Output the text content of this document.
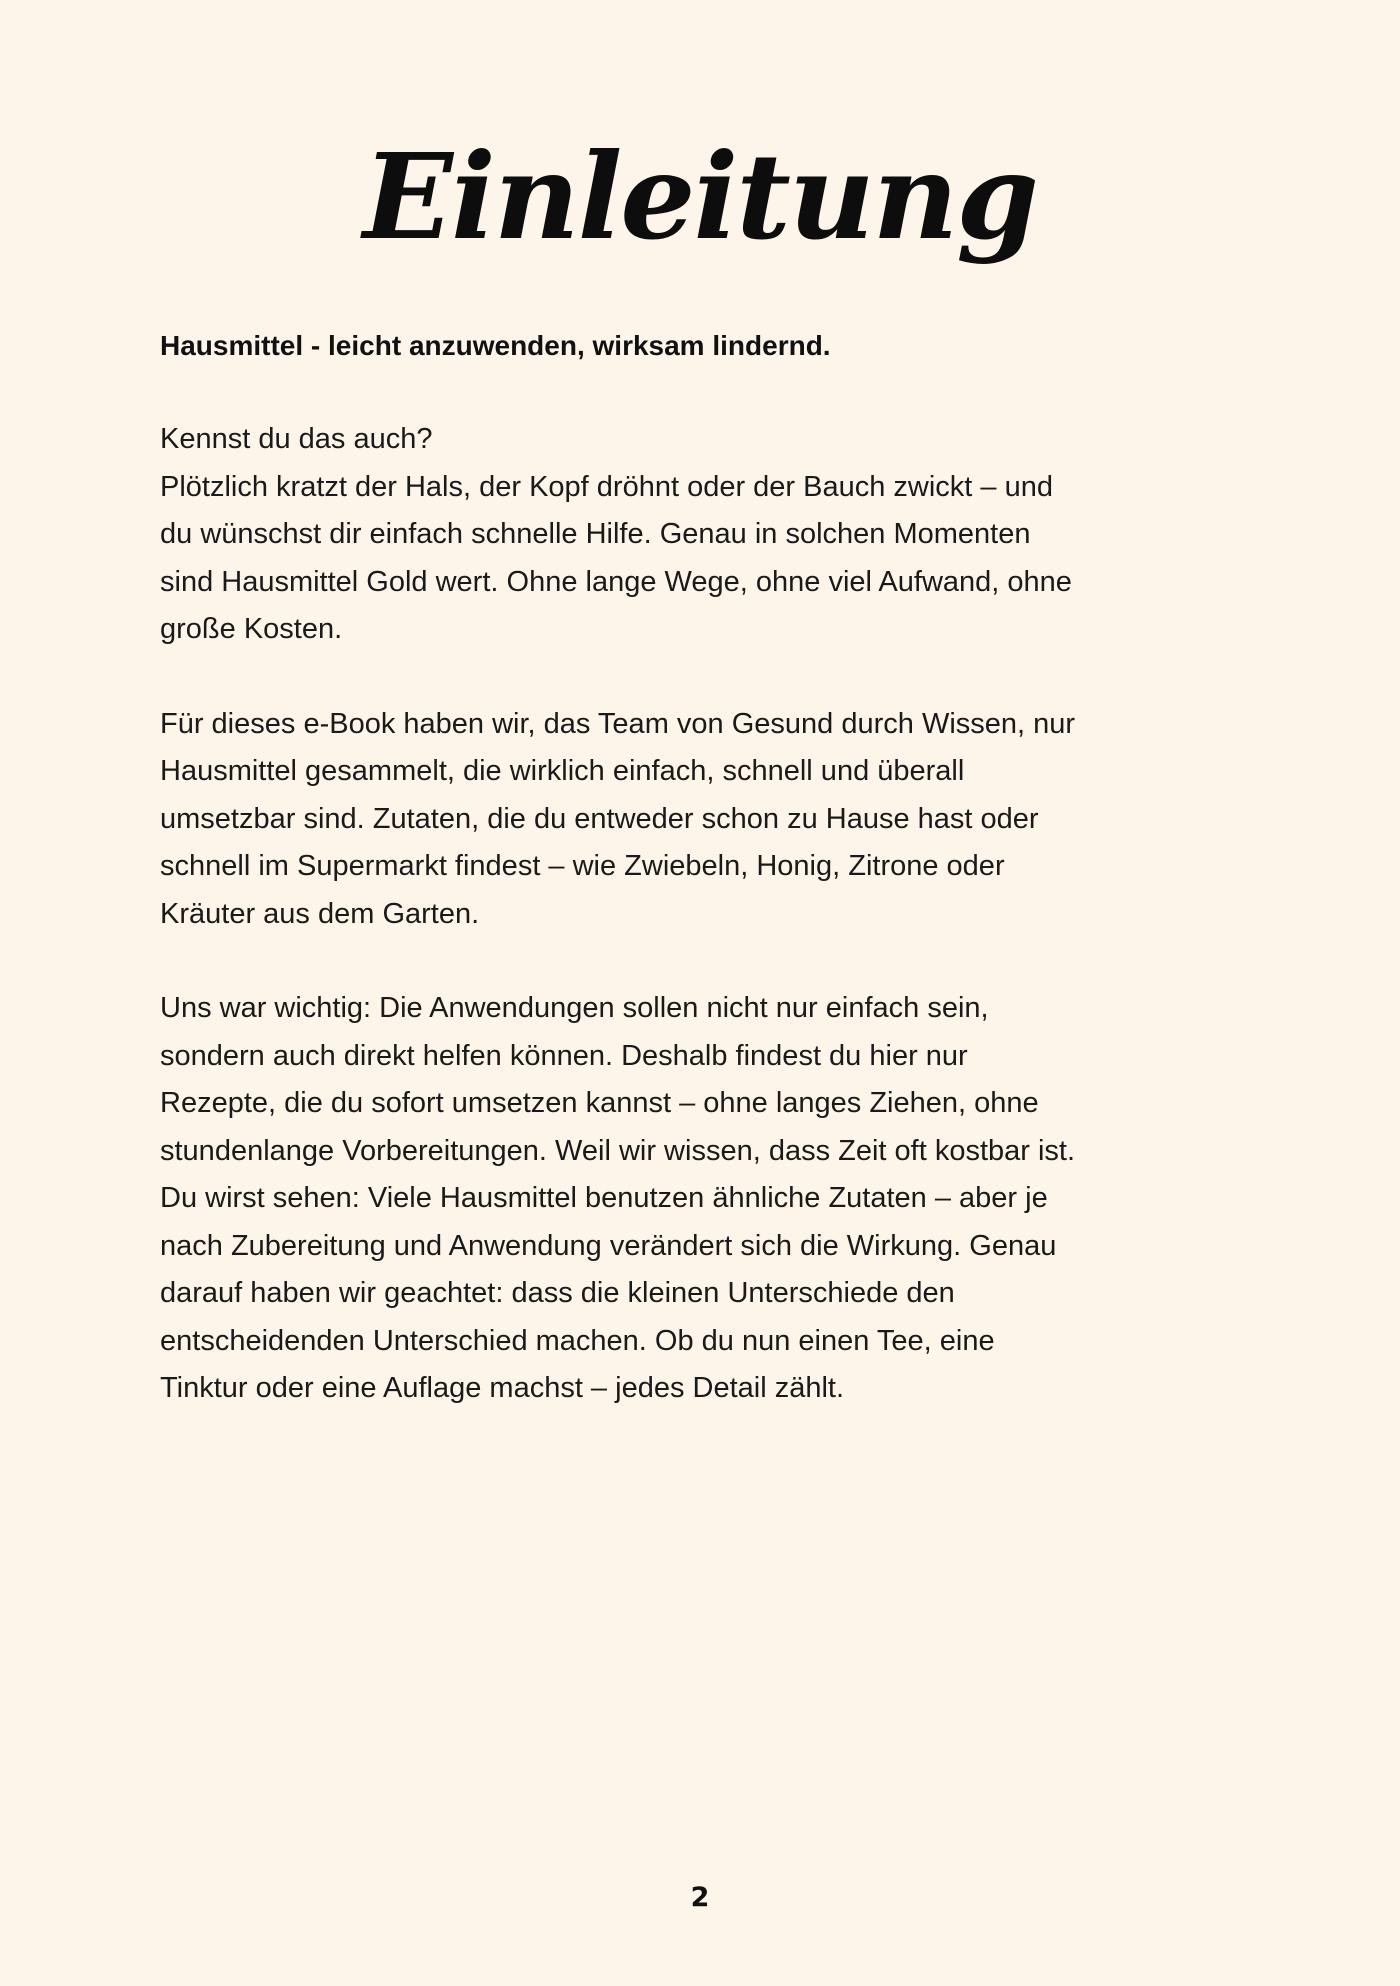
Einleitung

Hausmittel - leicht anzuwenden, wirksam lindernd.

Kennst du das auch?
Plötzlich kratzt der Hals, der Kopf dröhnt oder der Bauch zwickt – und
du wünschst dir einfach schnelle Hilfe. Genau in solchen Momenten
sind Hausmittel Gold wert. Ohne lange Wege, ohne viel Aufwand, ohne
große Kosten.

Für dieses e-Book haben wir, das Team von Gesund durch Wissen, nur
Hausmittel gesammelt, die wirklich einfach, schnell und überall
umsetzbar sind. Zutaten, die du entweder schon zu Hause hast oder
schnell im Supermarkt findest – wie Zwiebeln, Honig, Zitrone oder
Kräuter aus dem Garten.

Uns war wichtig: Die Anwendungen sollen nicht nur einfach sein,
sondern auch direkt helfen können. Deshalb findest du hier nur
Rezepte, die du sofort umsetzen kannst – ohne langes Ziehen, ohne
stundenlange Vorbereitungen. Weil wir wissen, dass Zeit oft kostbar ist.
Du wirst sehen: Viele Hausmittel benutzen ähnliche Zutaten – aber je
nach Zubereitung und Anwendung verändert sich die Wirkung. Genau
darauf haben wir geachtet: dass die kleinen Unterschiede den
entscheidenden Unterschied machen. Ob du nun einen Tee, eine
Tinktur oder eine Auflage machst – jedes Detail zählt.

2
